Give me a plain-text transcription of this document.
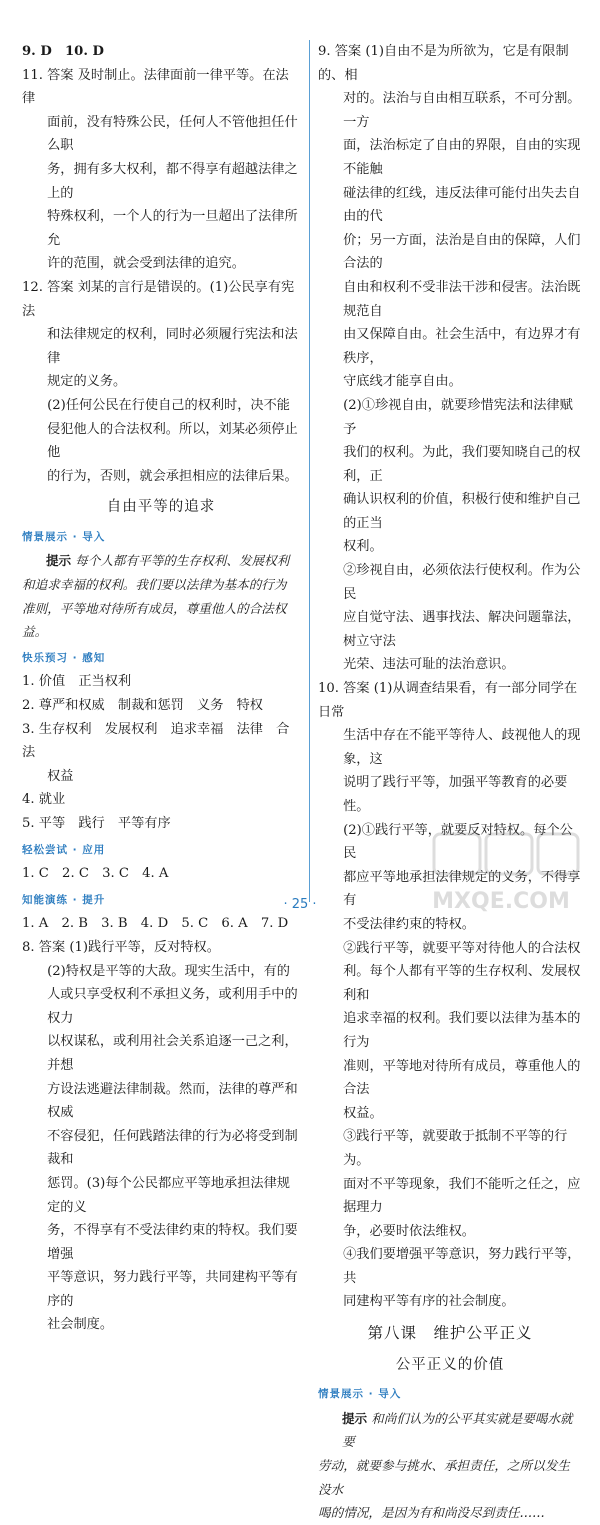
9. D　10. D

11. 答案 及时制止。法律面前一律平等。在法律

面前，没有特殊公民，任何人不管他担任什么职

务，拥有多大权利，都不得享有超越法律之上的

特殊权利，一个人的行为一旦超出了法律所允

许的范围，就会受到法律的追究。

12. 答案 刘某的言行是错误的。(1)公民享有宪法

和法律规定的权利，同时必须履行宪法和法律

规定的义务。

(2)任何公民在行使自己的权利时，决不能

侵犯他人的合法权利。所以，刘某必须停止他

的行为，否则，就会承担相应的法律后果。

自由平等的追求

情景展示 · 导入

提示 每个人都有平等的生存权利、发展权利

和追求幸福的权利。我们要以法律为基本的行为

准则，平等地对待所有成员，尊重他人的合法权益。

快乐预习 · 感知

1. 价值　正当权利

2. 尊严和权威　制裁和惩罚　义务　特权

3. 生存权利　发展权利　追求幸福　法律　合法

权益

4. 就业

5. 平等　践行　平等有序

轻松尝试 · 应用

1. C　2. C　3. C　4. A

知能演练 · 提升

1. A　2. B　3. B　4. D　5. C　6. A　7. D

8. 答案 (1)践行平等，反对特权。

(2)特权是平等的大敌。现实生活中，有的

人或只享受权利不承担义务，或利用手中的权力

以权谋私，或利用社会关系追逐一己之利，并想

方设法逃避法律制裁。然而，法律的尊严和权威

不容侵犯，任何践踏法律的行为必将受到制裁和

惩罚。(3)每个公民都应平等地承担法律规定的义

务，不得享有不受法律约束的特权。我们要增强

平等意识，努力践行平等，共同建构平等有序的

社会制度。

9. 答案 (1)自由不是为所欲为，它是有限制的、相

对的。法治与自由相互联系，不可分割。一方

面，法治标定了自由的界限，自由的实现不能触

碰法律的红线，违反法律可能付出失去自由的代

价；另一方面，法治是自由的保障，人们合法的

自由和权利不受非法干涉和侵害。法治既规范自

由又保障自由。社会生活中，有边界才有秩序，

守底线才能享自由。

(2)①珍视自由，就要珍惜宪法和法律赋予

我们的权利。为此，我们要知晓自己的权利，正

确认识权利的价值，积极行使和维护自己的正当

权利。

②珍视自由，必须依法行使权利。作为公民

应自觉守法、遇事找法、解决问题靠法，树立守法

光荣、违法可耻的法治意识。

10. 答案 (1)从调查结果看，有一部分同学在日常

生活中存在不能平等待人、歧视他人的现象，这

说明了践行平等，加强平等教育的必要性。

(2)①践行平等，就要反对特权。每个公民

都应平等地承担法律规定的义务，不得享有

不受法律约束的特权。

②践行平等，就要平等对待他人的合法权

利。每个人都有平等的生存权利、发展权利和

追求幸福的权利。我们要以法律为基本的行为

准则，平等地对待所有成员，尊重他人的合法

权益。

③践行平等，就要敢于抵制不平等的行为。

面对不平等现象，我们不能听之任之，应据理力

争，必要时依法维权。

④我们要增强平等意识，努力践行平等，共

同建构平等有序的社会制度。

第八课　维护公平正义

公平正义的价值

情景展示 · 导入

提示 和尚们认为的公平其实就是要喝水就要

劳动，就要参与挑水、承担责任，之所以发生没水

喝的情况，是因为有和尚没尽到责任……

· 25 ·	MXQE.COM
